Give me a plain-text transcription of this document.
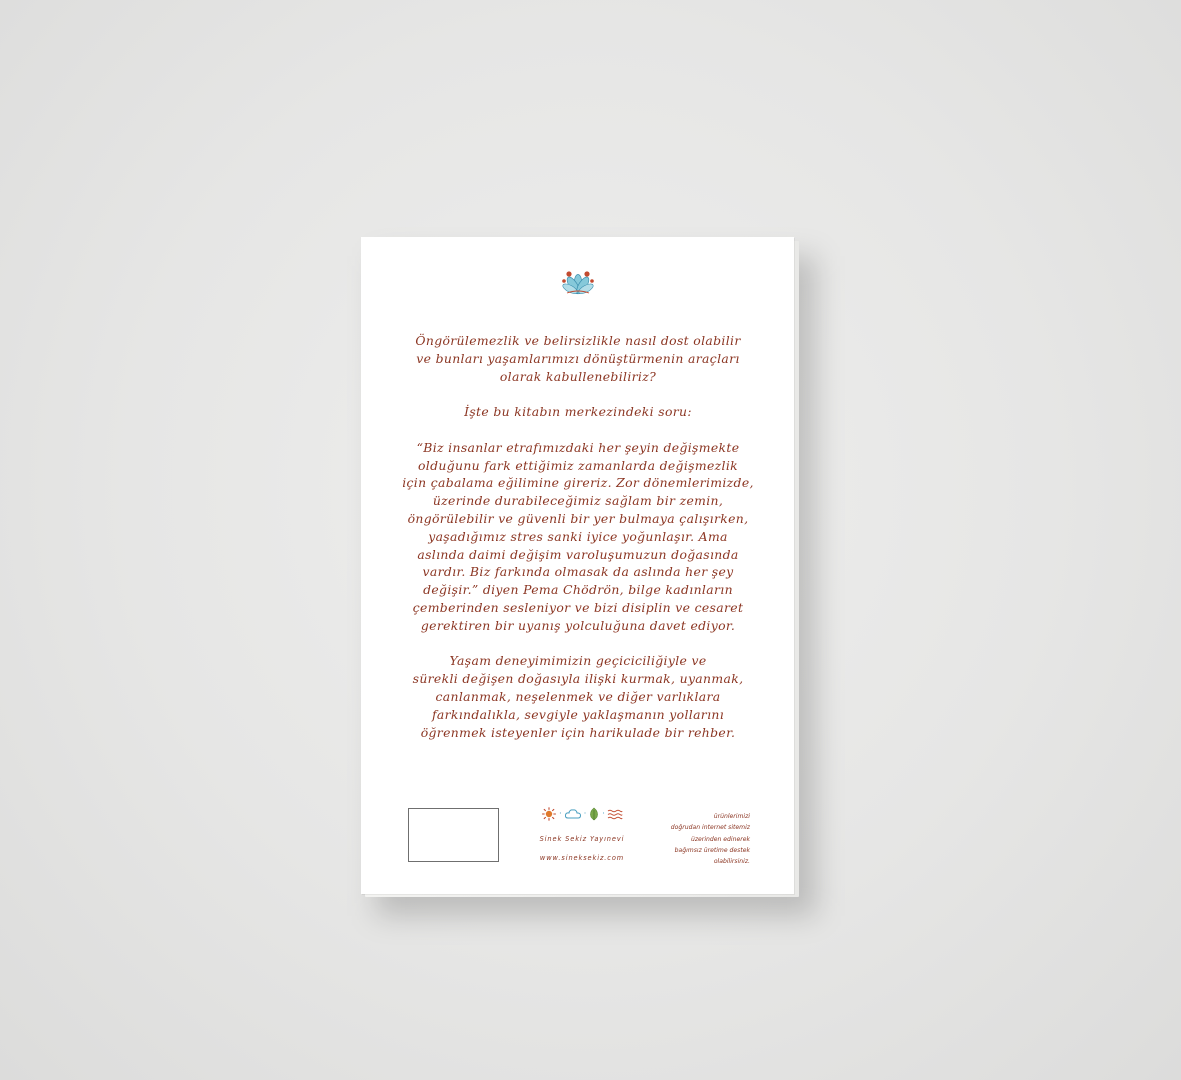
Öngörülemezlik ve belirsizlikle nasıl dost olabilir
ve bunları yaşamlarımızı dönüştürmenin araçları
olarak kabullenebiliriz?

İşte bu kitabın merkezindeki soru:

“Biz insanlar etrafımızdaki her şeyin değişmekte
olduğunu fark ettiğimiz zamanlarda değişmezlik
için çabalama eğilimine gireriz. Zor dönemlerimizde,
üzerinde durabileceğimiz sağlam bir zemin,
öngörülebilir ve güvenli bir yer bulmaya çalışırken,
yaşadığımız stres sanki iyice yoğunlaşır. Ama
aslında daimi değişim varoluşumuzun doğasında
vardır. Biz farkında olmasak da aslında her şey
değişir.” diyen Pema Chödrön, bilge kadınların
çemberinden sesleniyor ve bizi disiplin ve cesaret
gerektiren bir uyanış yolculuğuna davet ediyor.

Yaşam deneyimimizin geçiciciliğiyle ve
sürekli değişen doğasıyla ilişki kurmak, uyanmak,
canlanmak, neşelenmek ve diğer varlıklara
farkındalıkla, sevgiyle yaklaşmanın yollarını
öğrenmek isteyenler için harikulade bir rehber.

·	· ·
Sinek Sekiz Yayınevi
www.sineksekiz.com
ürünlerimizi
doğrudan internet sitemiz
üzerinden edinerek
bağımsız üretime destek
olabilirsiniz.
